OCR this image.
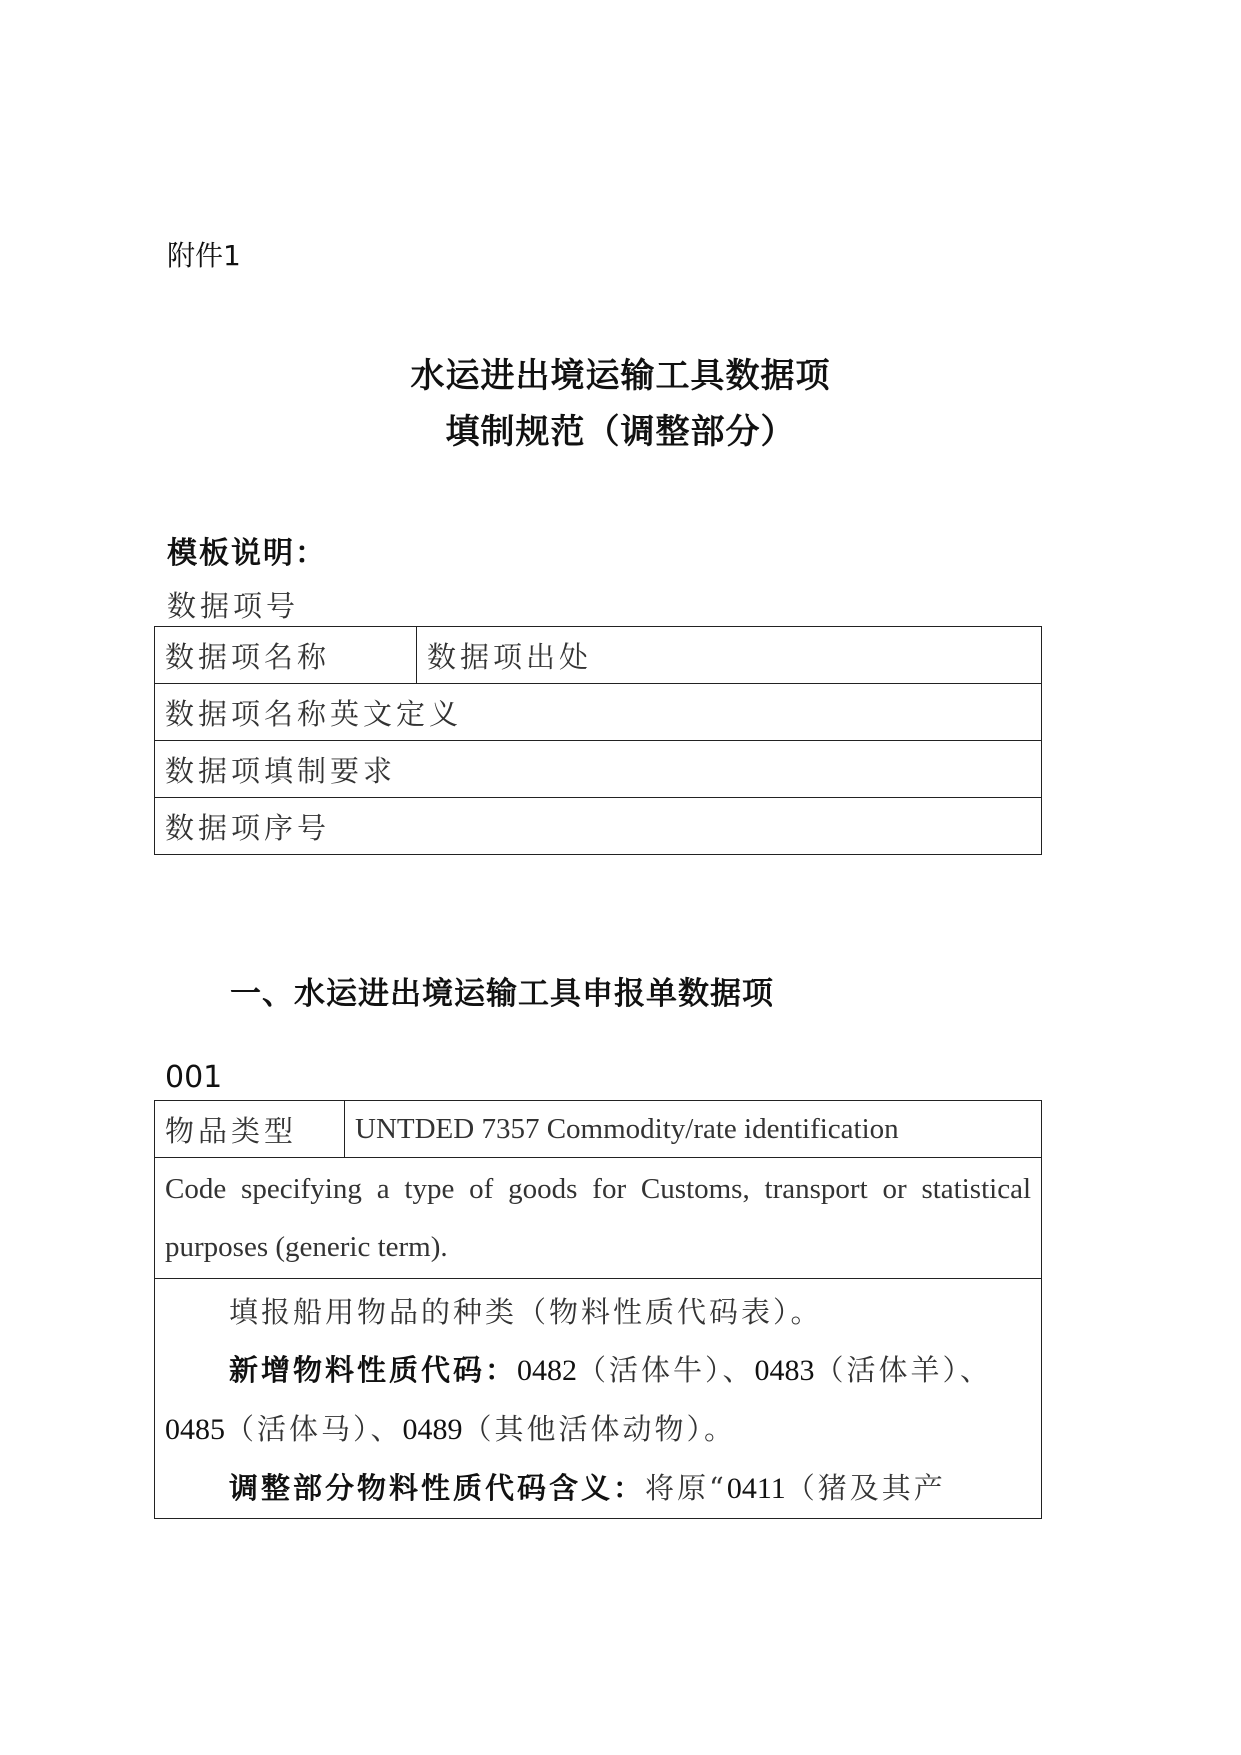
附件1
水运进出境运输工具数据项
填制规范（调整部分）
模板说明：
数据项号
数据项名称	数据项出处
数据项名称英文定义
数据项填制要求
数据项序号
一、水运进出境运输工具申报单数据项
001
物品类型	UNTDED 7357 Commodity/rate identification
Code specifying a type of goods for Customs, transport or statistical purposes (generic term).

填报船用物品的种类（物料性质代码表）。

新增物料性质代码：0482（活体牛）、0483（活体羊）、

0485（活体马）、0489（其他活体动物）。

调整部分物料性质代码含义：将原“0411（猪及其产
